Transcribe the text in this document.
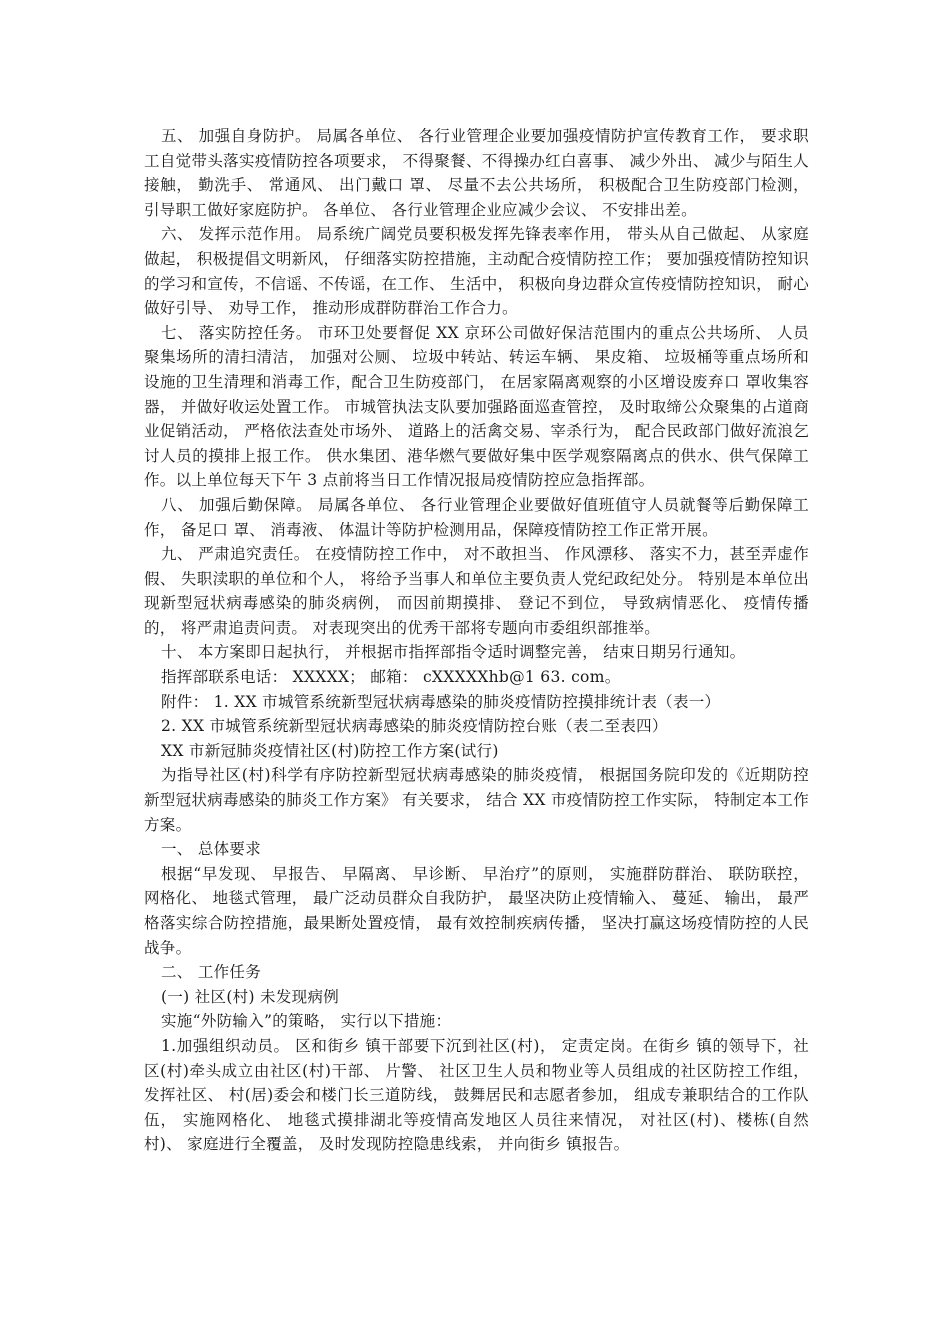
五、 加强自身防护。 局属各单位、 各行业管理企业要加强疫情防护宣传教育工作， 要求职工自觉带头落实疫情防控各项要求， 不得聚餐、不得操办红白喜事、 减少外出、 减少与陌生人接触， 勤洗手、 常通风、 出门戴口 罩、 尽量不去公共场所， 积极配合卫生防疫部门检测， 引导职工做好家庭防护。 各单位、 各行业管理企业应减少会议、 不安排出差。

六、 发挥示范作用。 局系统广阔党员要积极发挥先锋表率作用， 带头从自己做起、 从家庭做起， 积极提倡文明新风， 仔细落实防控措施，主动配合疫情防控工作； 要加强疫情防控知识的学习和宣传，不信谣、不传谣，在工作、 生活中， 积极向身边群众宣传疫情防控知识， 耐心做好引导、 劝导工作， 推动形成群防群治工作合力。

七、 落实防控任务。 市环卫处要督促 XX 京环公司做好保洁范围内的重点公共场所、 人员聚集场所的清扫清洁， 加强对公厕、 垃圾中转站、转运车辆、 果皮箱、 垃圾桶等重点场所和设施的卫生清理和消毒工作，配合卫生防疫部门， 在居家隔离观察的小区增设废弃口 罩收集容器， 并做好收运处置工作。 市城管执法支队要加强路面巡查管控， 及时取缔公众聚集的占道商业促销活动， 严格依法查处市场外、 道路上的活禽交易、宰杀行为， 配合民政部门做好流浪乞讨人员的摸排上报工作。 供水集团、港华燃气要做好集中医学观察隔离点的供水、供气保障工作。以上单位每天下午 3 点前将当日工作情况报局疫情防控应急指挥部。

八、 加强后勤保障。 局属各单位、 各行业管理企业要做好值班值守人员就餐等后勤保障工作， 备足口 罩、 消毒液、 体温计等防护检测用品，保障疫情防控工作正常开展。

九、 严肃追究责任。 在疫情防控工作中， 对不敢担当、 作风漂移、 落实不力，甚至弄虚作假、 失职渎职的单位和个人， 将给予当事人和单位主要负责人党纪政纪处分。 特别是本单位出现新型冠状病毒感染的肺炎病例， 而因前期摸排、 登记不到位， 导致病情恶化、 疫情传播的， 将严肃追责问责。 对表现突出的优秀干部将专题向市委组织部推举。

十、 本方案即日起执行， 并根据市指挥部指令适时调整完善， 结束日期另行通知。

指挥部联系电话： XXXXX； 邮箱： cXXXXXhb@1 63. com。

附件： 1. XX 市城管系统新型冠状病毒感染的肺炎疫情防控摸排统计表（表一）

2. XX 市城管系统新型冠状病毒感染的肺炎疫情防控台账（表二至表四）

XX 市新冠肺炎疫情社区(村)防控工作方案(试行)

为指导社区(村)科学有序防控新型冠状病毒感染的肺炎疫情， 根据国务院印发的《近期防控新型冠状病毒感染的肺炎工作方案》 有关要求， 结合 XX 市疫情防控工作实际， 特制定本工作方案。

一、 总体要求

根据“早发现、 早报告、 早隔离、 早诊断、 早治疗”的原则， 实施群防群治、 联防联控， 网格化、 地毯式管理， 最广泛动员群众自我防护， 最坚决防止疫情输入、 蔓延、 输出， 最严格落实综合防控措施，最果断处置疫情， 最有效控制疾病传播， 坚决打赢这场疫情防控的人民战争。

二、 工作任务

(一) 社区(村) 未发现病例

实施“外防输入”的策略， 实行以下措施：

1.加强组织动员。 区和街乡 镇干部要下沉到社区(村)， 定责定岗。在街乡 镇的领导下，社区(村)牵头成立由社区(村)干部、 片警、 社区卫生人员和物业等人员组成的社区防控工作组， 发挥社区、 村(居)委会和楼门长三道防线， 鼓舞居民和志愿者参加， 组成专兼职结合的工作队伍， 实施网格化、 地毯式摸排湖北等疫情高发地区人员往来情况， 对社区(村)、楼栋(自然村)、 家庭进行全覆盖， 及时发现防控隐患线索， 并向街乡 镇报告。
